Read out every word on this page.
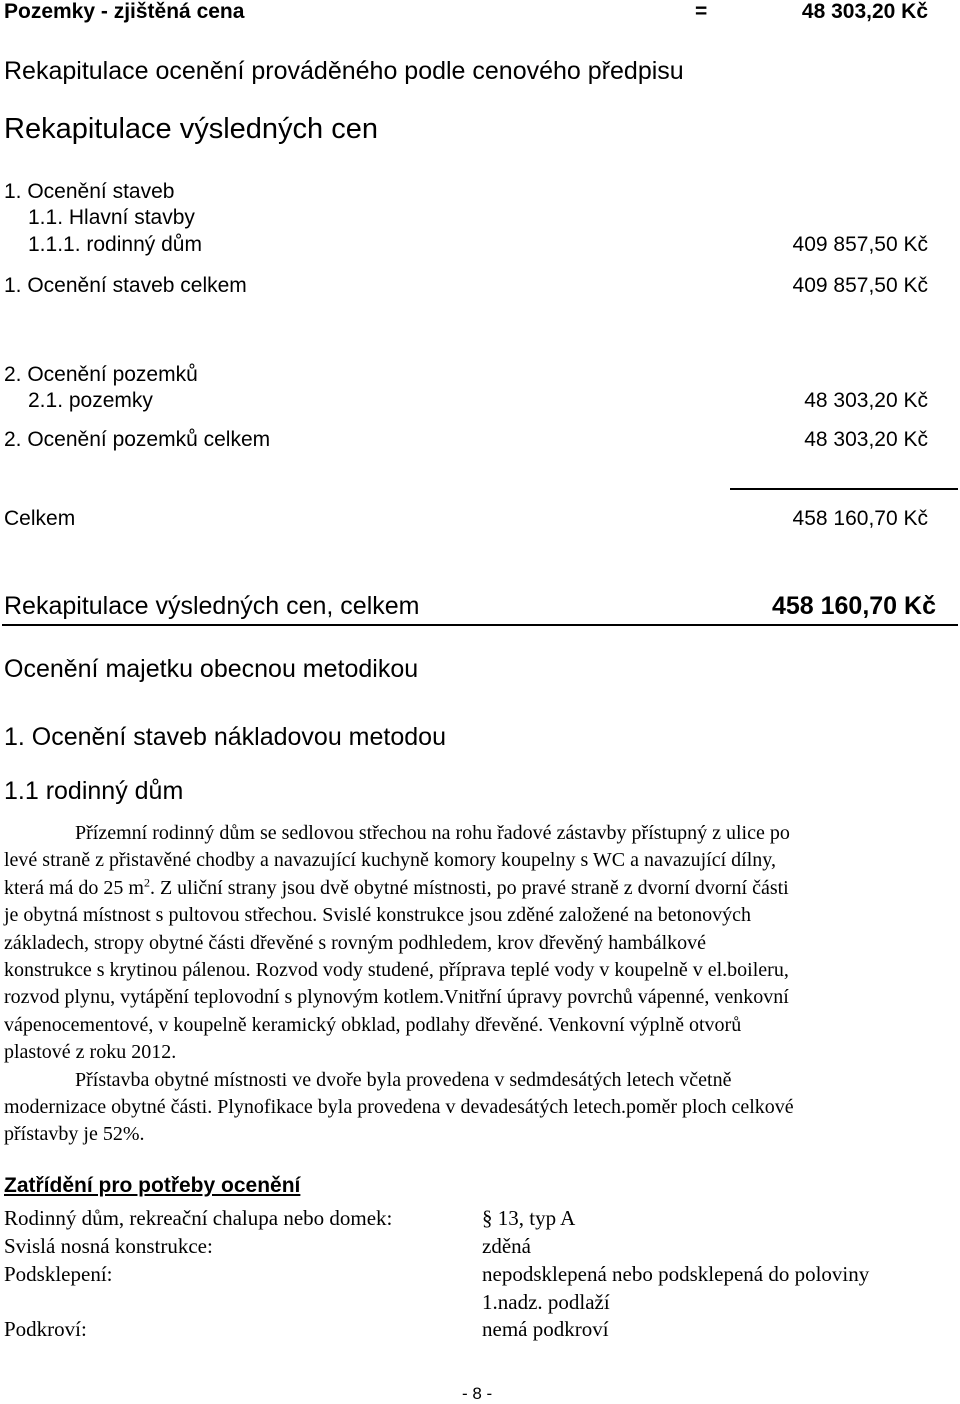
Pozemky - zjištěná cena	=	48 303,20 Kč
Rekapitulace ocenění prováděného podle cenového předpisu
Rekapitulace výsledných cen
1. Ocenění staveb
1.1. Hlavní stavby
1.1.1. rodinný dům	409 857,50 Kč
1. Ocenění staveb celkem	409 857,50 Kč
2. Ocenění pozemků
2.1. pozemky	48 303,20 Kč
2. Ocenění pozemků celkem	48 303,20 Kč
Celkem	458 160,70 Kč
Rekapitulace výsledných cen, celkem	458 160,70 Kč
Ocenění majetku obecnou metodikou
1. Ocenění staveb nákladovou metodou
1.1 rodinný dům
Přízemní rodinný dům se sedlovou střechou na rohu řadové zástavby přístupný z ulice po
levé straně z přistavěné chodby a navazující kuchyně komory koupelny s WC a navazující dílny,
která má do 25 $m^2$. Z uliční strany jsou dvě obytné místnosti, po pravé straně z dvorní dvorní části
je obytná místnost s pultovou střechou. Svislé konstrukce jsou zděné založené na betonových
základech, stropy obytné části dřevěné s rovným podhledem, krov dřevěný hambálkové
konstrukce s krytinou pálenou. Rozvod vody studené, přípravа teplé vody v koupelně v el.boileru,
rozvod plynu, vytápění teplovodní s plynovým kotlem.Vnitřní úpravy povrchů vápenné, venkovní
vápenocementové, v koupelně keramický obklad, podlahy dřevěné. Venkovní výplně otvorů
plastové z roku 2012.
Přístavba obytné místnosti ve dvoře byla provedena v sedmdesátých letech včetně
modernizace obytné části. Plynofikace byla provedena v devadesátých letech.poměr ploch celkové
přístavby je 52%.
Zatřídění pro potřeby ocenění
Rodinný dům, rekreační chalupa nebo domek:	§ 13, typ A
Svislá nosná konstrukce:	zděná
Podsklepení:	nepodsklepená nebo podsklepená do poloviny
1.nadz. podlaží
Podkroví:	nemá podkroví
- 8 -
